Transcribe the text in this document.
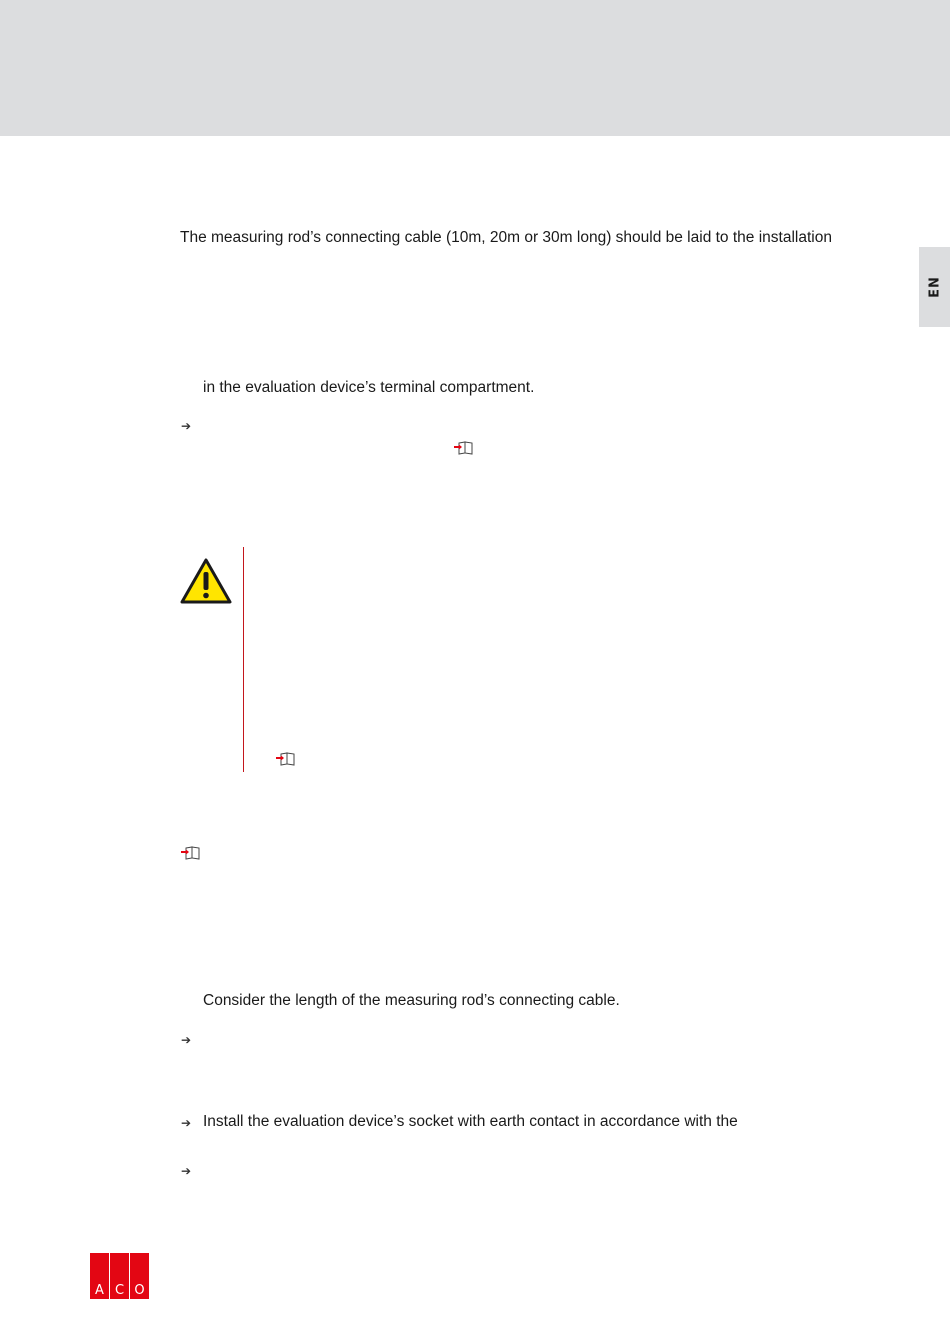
EN
The measuring rod’s connecting cable (10m, 20m or 30m long) should be laid to the installation
in the evaluation device’s terminal compartment.
➔
Consider the length of the measuring rod’s connecting cable.
➔
➔ Install the evaluation device’s socket with earth contact in accordance with the
➔
A C O
